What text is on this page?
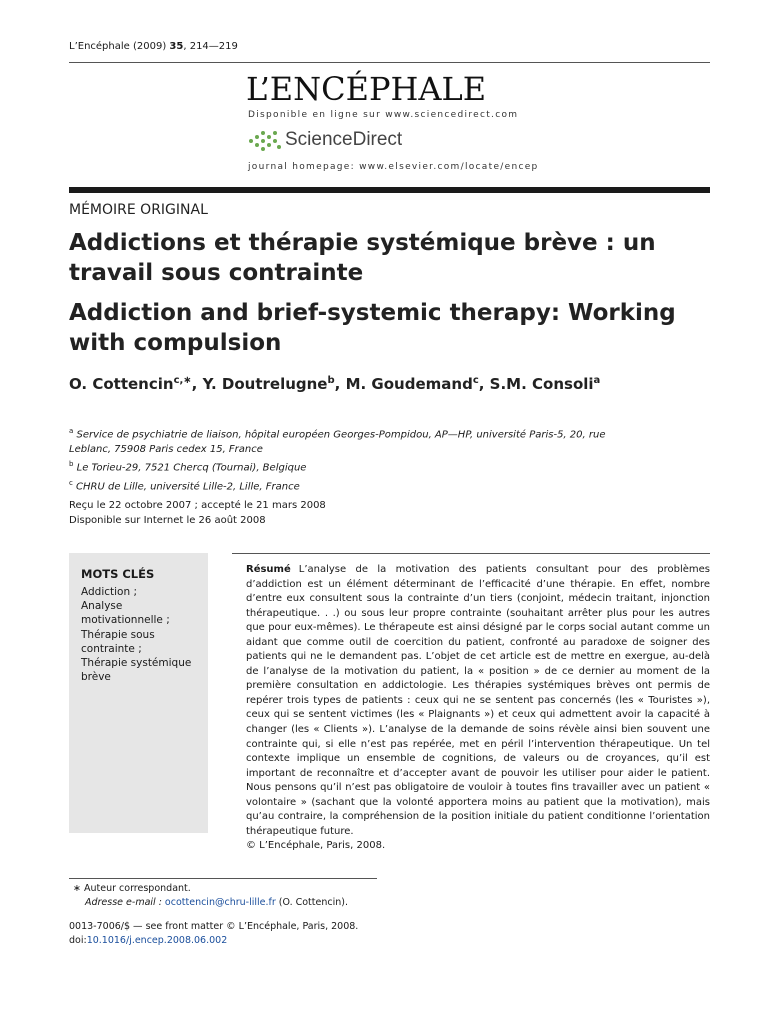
L’Encéphale (2009) 35, 214—219
L’ENCÉPHALE
Disponible en ligne sur www.sciencedirect.com
ScienceDirect
journal homepage: www.elsevier.com/locate/encep
MÉMOIRE ORIGINAL
Addictions et thérapie systémique brève : un travail sous contrainte
Addiction and brief-systemic therapy: Working with compulsion
O. Cottencin$^{c,∗}$, Y. Doutrelugne$^b$, M. Goudemand$^c$, S.M. Consoli$^a$
$^a$ Service de psychiatrie de liaison, hôpital européen Georges-Pompidou, AP—HP, université Paris-5, 20, rue Leblanc, 75908 Paris cedex 15, France
$^b$ Le Torieu-29, 7521 Chercq (Tournai), Belgique
$^c$ CHRU de Lille, université Lille-2, Lille, France
Reçu le 22 octobre 2007 ; accepté le 21 mars 2008
Disponible sur Internet le 26 août 2008
MOTS CLÉS
Addiction ;
Analyse motivationnelle ;
Thérapie sous contrainte ;
Thérapie systémique brève
Résumé L’analyse de la motivation des patients consultant pour des problèmes d’addiction est un élément déterminant de l’efficacité d’une thérapie. En effet, nombre d’entre eux consultent sous la contrainte d’un tiers (conjoint, médecin traitant, injonction thérapeutique. . .) ou sous leur propre contrainte (souhaitant arrêter plus pour les autres que pour eux-mêmes). Le thérapeute est ainsi désigné par le corps social autant comme un aidant que comme outil de coercition du patient, confronté au paradoxe de soigner des patients qui ne le demandent pas. L’objet de cet article est de mettre en exergue, au-delà de l’analyse de la motivation du patient, la « position » de ce dernier au moment de la première consultation en addictologie. Les thérapies systémiques brèves ont permis de repérer trois types de patients : ceux qui ne se sentent pas concernés (les « Touristes »), ceux qui se sentent victimes (les « Plaignants ») et ceux qui admettent avoir la capacité à changer (les « Clients »). L’analyse de la demande de soins révèle ainsi bien souvent une contrainte qui, si elle n’est pas repérée, met en péril l’intervention thérapeutique. Un tel contexte implique un ensemble de cognitions, de valeurs ou de croyances, qu’il est important de reconnaître et d’accepter avant de pouvoir les utiliser pour aider le patient. Nous pensons qu’il n’est pas obligatoire de vouloir à toutes fins travailler avec un patient « volontaire » (sachant que la volonté apportera moins au patient que la motivation), mais qu’au contraire, la compréhension de la position initiale du patient conditionne l’orientation thérapeutique future.
© L’Encéphale, Paris, 2008.
∗ Auteur correspondant.
Adresse e-mail : ocottencin@chru-lille.fr (O. Cottencin).
0013-7006/$ — see front matter © L’Encéphale, Paris, 2008.
doi:10.1016/j.encep.2008.06.002
